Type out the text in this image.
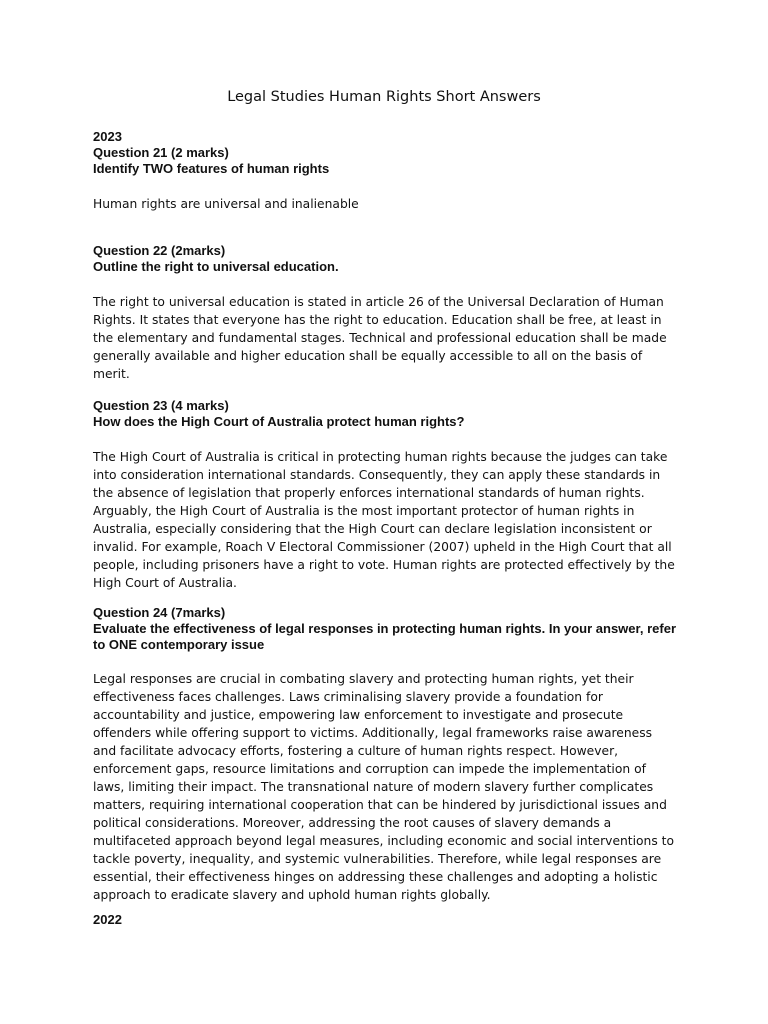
Legal Studies Human Rights Short Answers

2023

Question 21 (2 marks)

Identify TWO features of human rights

Human rights are universal and inalienable

Question 22 (2marks)

Outline the right to universal education.

The right to universal education is stated in article 26 of the Universal Declaration of Human Rights. It states that everyone has the right to education. Education shall be free, at least in the elementary and fundamental stages. Technical and professional education shall be made generally available and higher education shall be equally accessible to all on the basis of merit.

Question 23 (4 marks)

How does the High Court of Australia protect human rights?

The High Court of Australia is critical in protecting human rights because the judges can take into consideration international standards. Consequently, they can apply these standards in the absence of legislation that properly enforces international standards of human rights. Arguably, the High Court of Australia is the most important protector of human rights in Australia, especially considering that the High Court can declare legislation inconsistent or invalid. For example, Roach V Electoral Commissioner (2007) upheld in the High Court that all people, including prisoners have a right to vote. Human rights are protected effectively by the High Court of Australia.

Question 24 (7marks)

Evaluate the effectiveness of legal responses in protecting human rights. In your answer, refer to ONE contemporary issue

Legal responses are crucial in combating slavery and protecting human rights, yet their effectiveness faces challenges. Laws criminalising slavery provide a foundation for accountability and justice, empowering law enforcement to investigate and prosecute offenders while offering support to victims. Additionally, legal frameworks raise awareness and facilitate advocacy efforts, fostering a culture of human rights respect. However, enforcement gaps, resource limitations and corruption can impede the implementation of laws, limiting their impact. The transnational nature of modern slavery further complicates matters, requiring international cooperation that can be hindered by jurisdictional issues and political considerations. Moreover, addressing the root causes of slavery demands a multifaceted approach beyond legal measures, including economic and social interventions to tackle poverty, inequality, and systemic vulnerabilities. Therefore, while legal responses are essential, their effectiveness hinges on addressing these challenges and adopting a holistic approach to eradicate slavery and uphold human rights globally.

2022
